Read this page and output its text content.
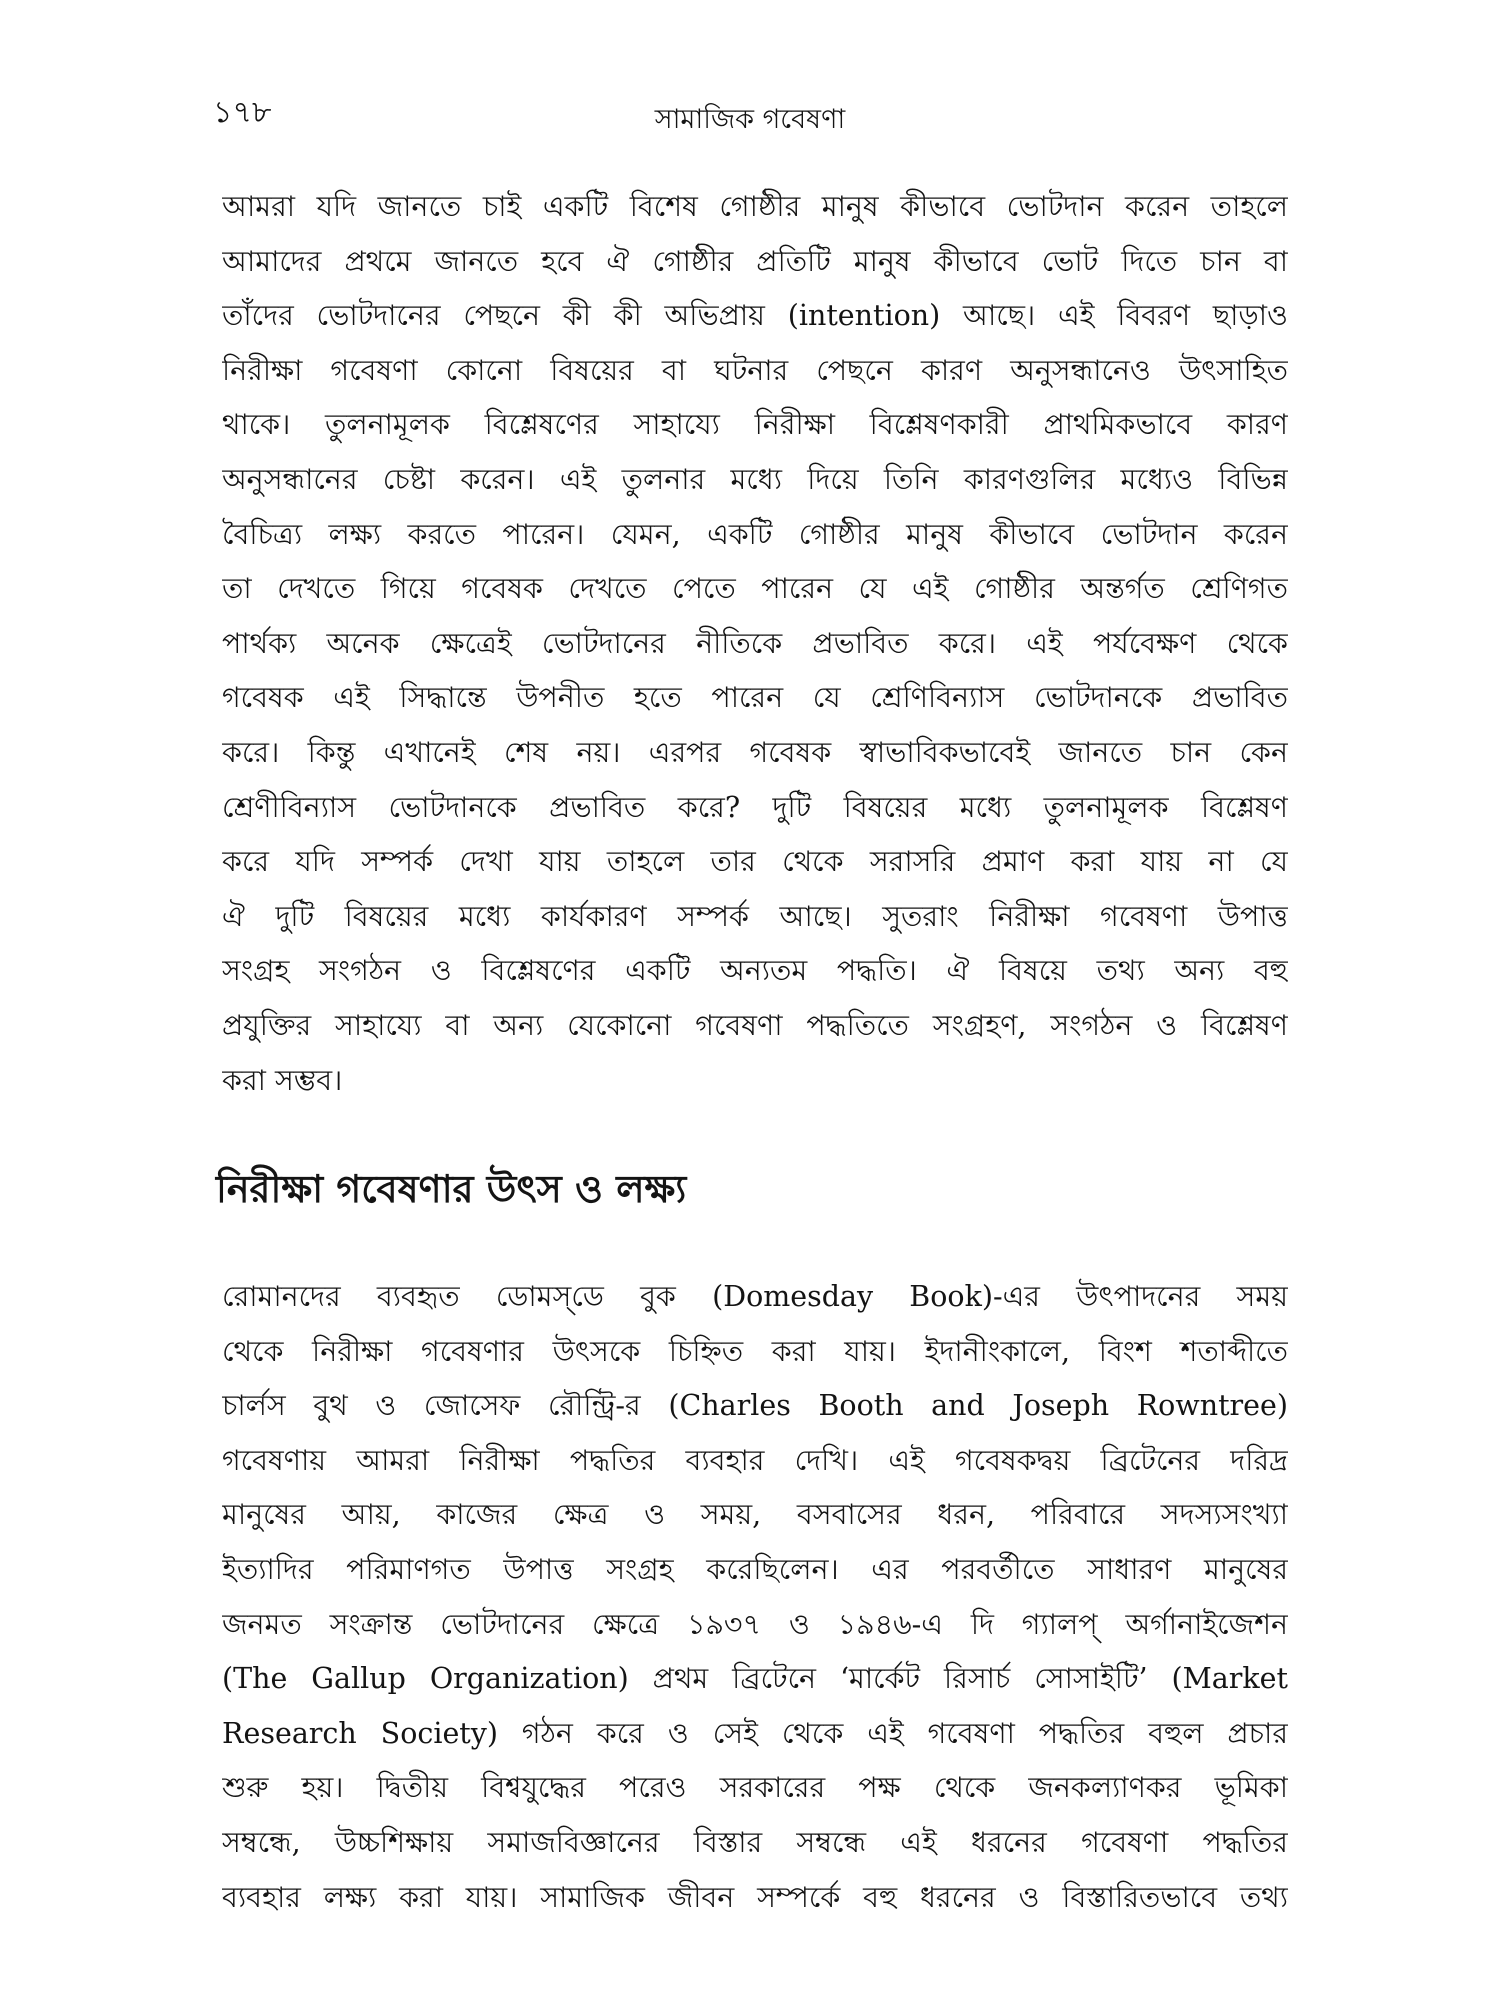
১৭৮	সামাজিক গবেষণা
আমরা যদি জানতে চাই একটি বিশেষ গোষ্ঠীর মানুষ কীভাবে ভোটদান করেন তাহলে
আমাদের প্রথমে জানতে হবে ঐ গোষ্ঠীর প্রতিটি মানুষ কীভাবে ভোট দিতে চান বা
তাঁদের ভোটদানের পেছনে কী কী অভিপ্রায় (intention) আছে। এই বিবরণ ছাড়াও
নিরীক্ষা গবেষণা কোনো বিষয়ের বা ঘটনার পেছনে কারণ অনুসন্ধানেও উৎসাহিত
থাকে। তুলনামূলক বিশ্লেষণের সাহায্যে নিরীক্ষা বিশ্লেষণকারী প্রাথমিকভাবে কারণ
অনুসন্ধানের চেষ্টা করেন। এই তুলনার মধ্যে দিয়ে তিনি কারণগুলির মধ্যেও বিভিন্ন
বৈচিত্র্য লক্ষ্য করতে পারেন। যেমন, একটি গোষ্ঠীর মানুষ কীভাবে ভোটদান করেন
তা দেখতে গিয়ে গবেষক দেখতে পেতে পারেন যে এই গোষ্ঠীর অন্তর্গত শ্রেণিগত
পার্থক্য অনেক ক্ষেত্রেই ভোটদানের নীতিকে প্রভাবিত করে। এই পর্যবেক্ষণ থেকে
গবেষক এই সিদ্ধান্তে উপনীত হতে পারেন যে শ্রেণিবিন্যাস ভোটদানকে প্রভাবিত
করে। কিন্তু এখানেই শেষ নয়। এরপর গবেষক স্বাভাবিকভাবেই জানতে চান কেন
শ্রেণীবিন্যাস ভোটদানকে প্রভাবিত করে? দুটি বিষয়ের মধ্যে তুলনামূলক বিশ্লেষণ
করে যদি সম্পর্ক দেখা যায় তাহলে তার থেকে সরাসরি প্রমাণ করা যায় না যে
ঐ দুটি বিষয়ের মধ্যে কার্যকারণ সম্পর্ক আছে। সুতরাং নিরীক্ষা গবেষণা উপাত্ত
সংগ্রহ সংগঠন ও বিশ্লেষণের একটি অন্যতম পদ্ধতি। ঐ বিষয়ে তথ্য অন্য বহু
প্রযুক্তির সাহায্যে বা অন্য যেকোনো গবেষণা পদ্ধতিতে সংগ্রহণ, সংগঠন ও বিশ্লেষণ
করা সম্ভব।
নিরীক্ষা গবেষণার উৎস ও লক্ষ্য
রোমানদের ব্যবহৃত ডোমস্‌ডে বুক (Domesday Book)-এর উৎপাদনের সময়
থেকে নিরীক্ষা গবেষণার উৎসকে চিহ্নিত করা যায়। ইদানীংকালে, বিংশ শতাব্দীতে
চার্লস বুথ ও জোসেফ রৌন্ট্রি-র (Charles Booth and Joseph Rowntree)
গবেষণায় আমরা নিরীক্ষা পদ্ধতির ব্যবহার দেখি। এই গবেষকদ্বয় ব্রিটেনের দরিদ্র
মানুষের আয়, কাজের ক্ষেত্র ও সময়, বসবাসের ধরন, পরিবারে সদস্যসংখ্যা
ইত্যাদির পরিমাণগত উপাত্ত সংগ্রহ করেছিলেন। এর পরবর্তীতে সাধারণ মানুষের
জনমত সংক্রান্ত ভোটদানের ক্ষেত্রে ১৯৩৭ ও ১৯৪৬-এ দি গ্যালপ্‌ অর্গানাইজেশন
(The Gallup Organization) প্রথম ব্রিটেনে ‘মার্কেট রিসার্চ সোসাইটি’ (Market
Research Society) গঠন করে ও সেই থেকে এই গবেষণা পদ্ধতির বহুল প্রচার
শুরু হয়। দ্বিতীয় বিশ্বযুদ্ধের পরেও সরকারের পক্ষ থেকে জনকল্যাণকর ভূমিকা
সম্বন্ধে, উচ্চশিক্ষায় সমাজবিজ্ঞানের বিস্তার সম্বন্ধে এই ধরনের গবেষণা পদ্ধতির
ব্যবহার লক্ষ্য করা যায়। সামাজিক জীবন সম্পর্কে বহু ধরনের ও বিস্তারিতভাবে তথ্য
